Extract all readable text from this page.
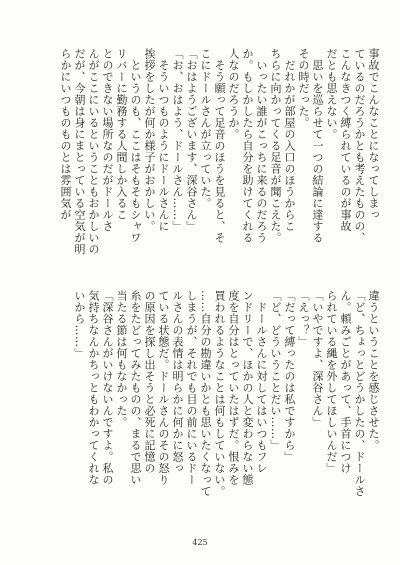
事故でこんなことになってしまっ
ているのだろうかとも考えたものの、
こんなきつく縛られているのが事故
だとも思えない。
　思いを巡らせて一つの結論に達する
その時だった。
　だれかが部屋の入口のほうからこ
ちらに向かってくる足音が聞こえた。
　いったい誰がこっちに来るのだろう
か。もしかしたら自分を助けてくれる
人なのだろうか。
　そう願って足音のほうを見ると、そ
こにドールさんが立っていた。
「おはようございます、深谷さん」
「お、おはよう、ドールさん……」
　そういつものようにドールさんに
挨拶をしたが何か様子がおかしい。
　というのも、ここはそもそもシャワ
リバーに勤務する人間しか入るこ
とのできない場所なのだがドールさ
んがここにいるということもおかしいの
だが、今朝は身にまとっている空気が明
らかにいつものものとは雰囲気が
違うということを感じさせた。
「ど、ちょっとどうかしたの、ドールさ
ん。頼みごとがあって、手首につけ
られている縄を外してほしいんだ」
「いやですよ、深谷さん」
「えっ？」
「だって縛ったのは私ですから」
「ど、どういうことだい……」
　ドールさんに対してはいつもフレ
ンドリーで、ほかの人と変わらない態
度を自分はとっていたはずだ。恨みを
買われるようなことは何もしていない。
……自分の勘違いかとも思いたくなって
しまうが、それでも目の前にいるドー
ルさんの表情は明らかに何かに怒っ
ている状態だ。ドールさんのその怒り
の原因を探し出そうと必死に記憶の
糸をたどってみたものの、まるで思い
当たる節は何もなかった。
「深谷さんがいけないんですよ。私の
気持ちなんかちっともわかってくれな
いから……」
425
